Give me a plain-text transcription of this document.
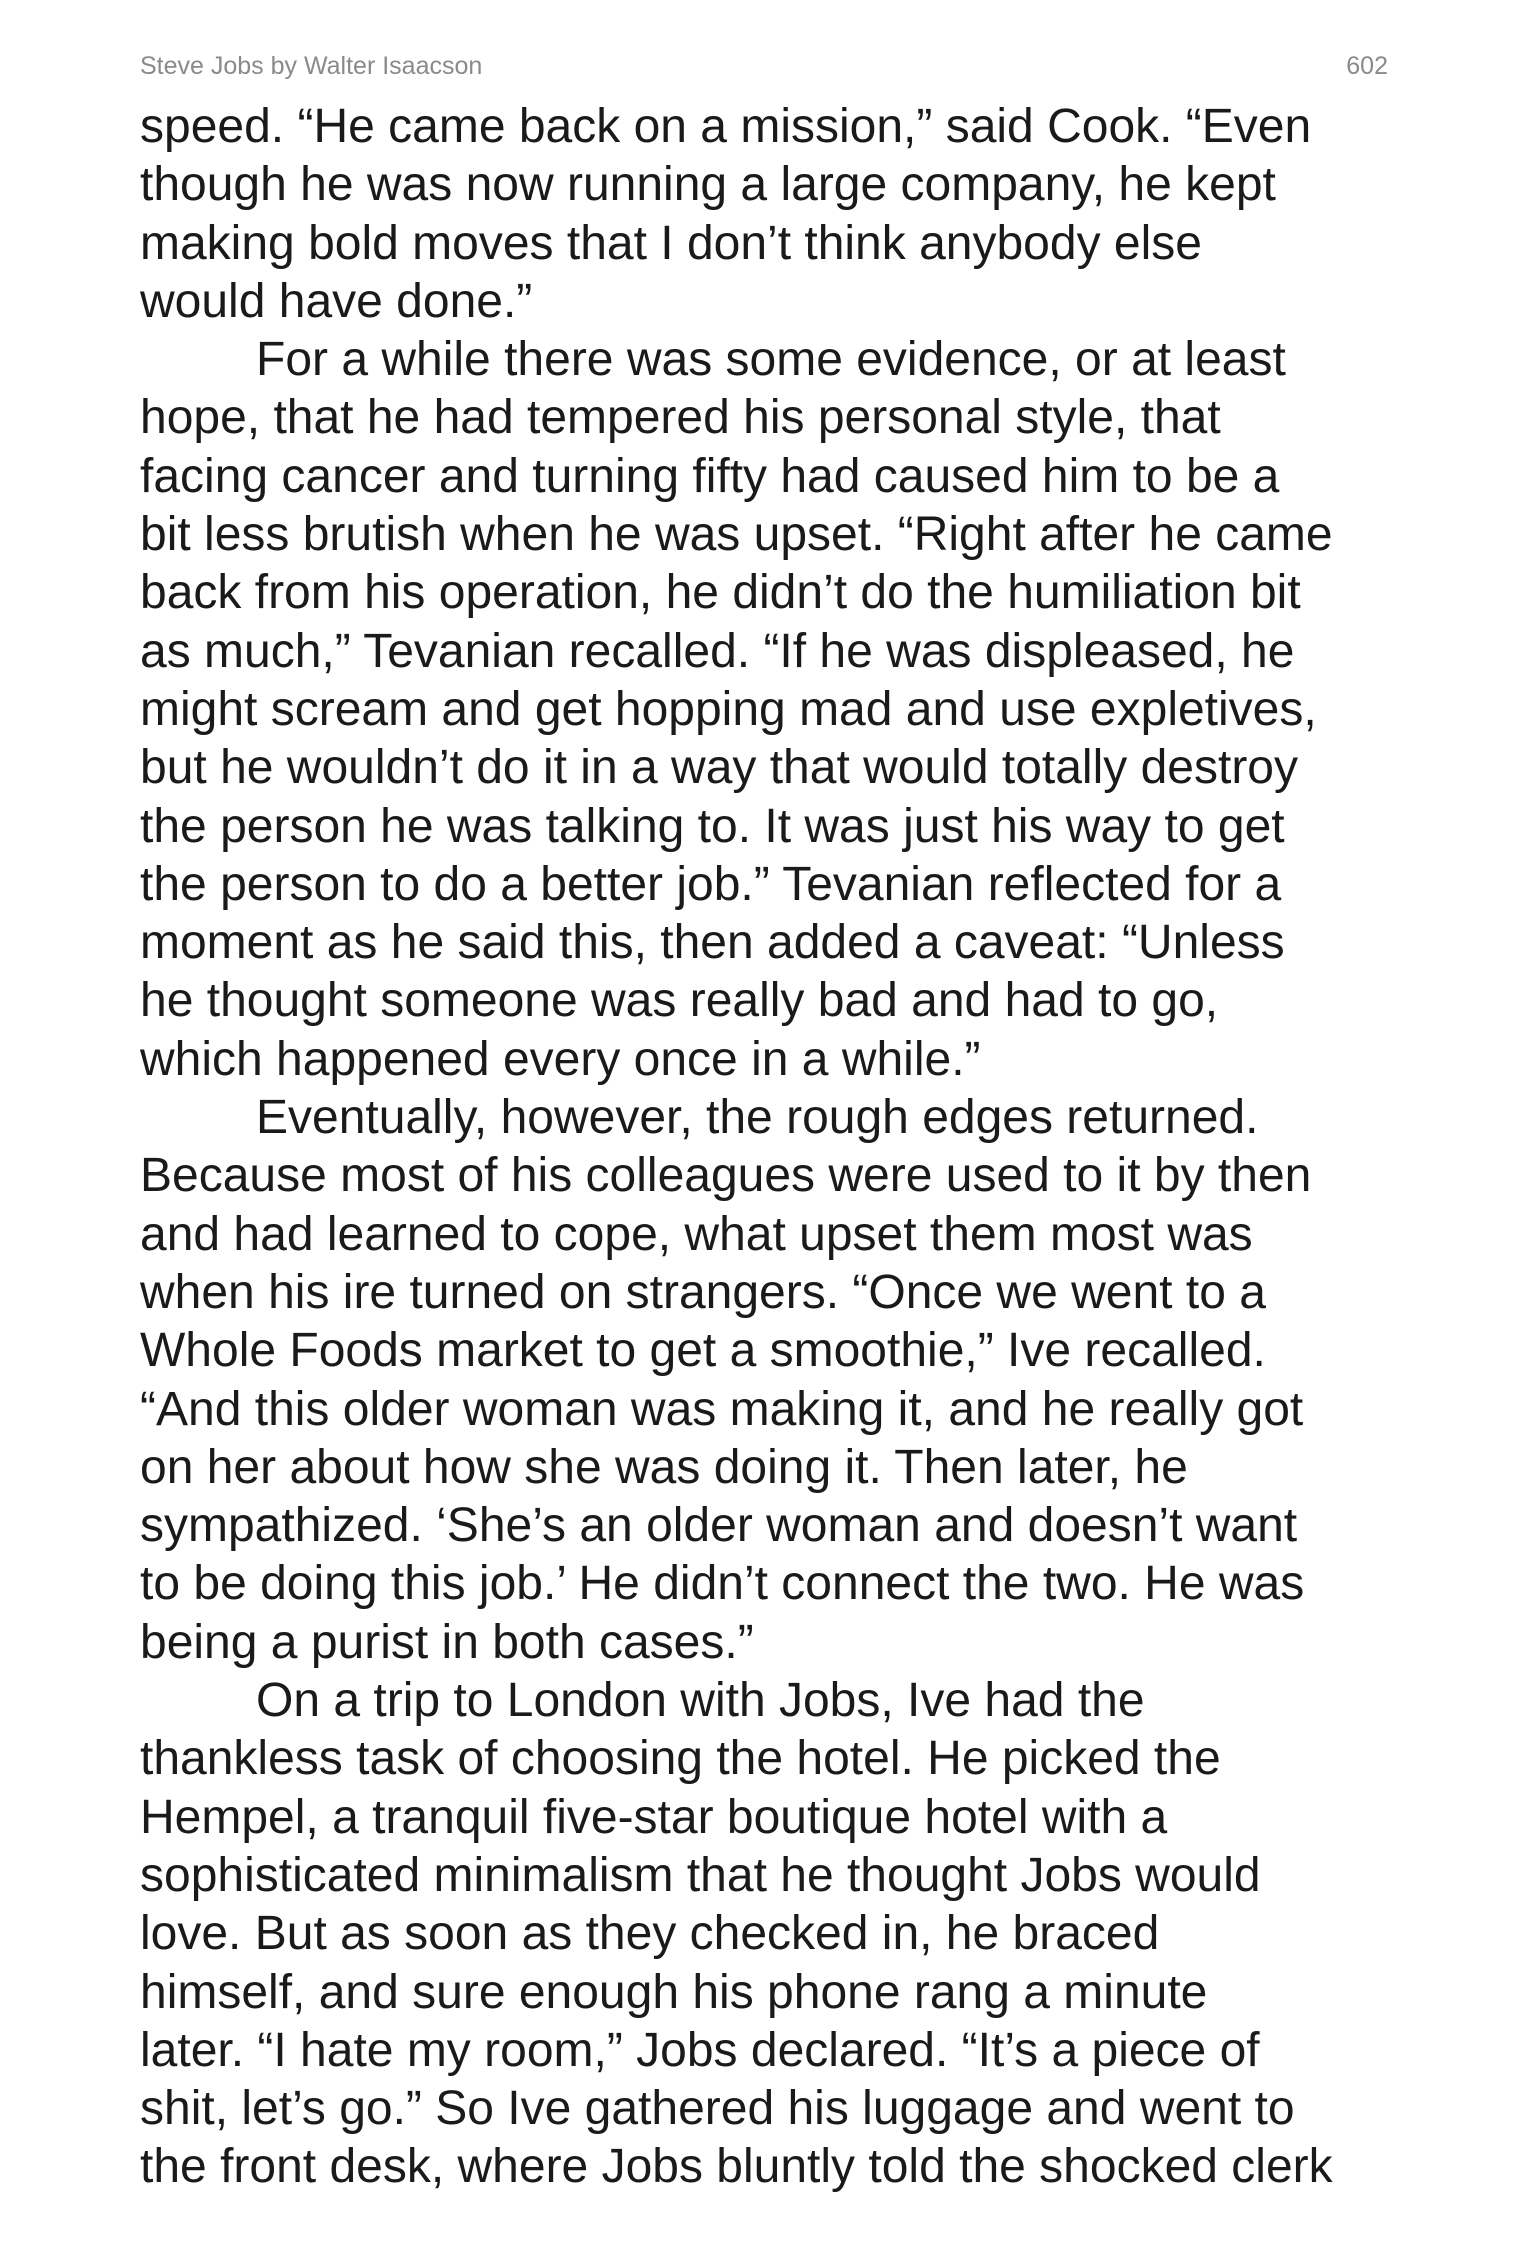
Steve Jobs by Walter Isaacson	602
speed. “He came back on a mission,” said Cook. “Even
though he was now running a large company, he kept
making bold moves that I don’t think anybody else
would have done.”
For a while there was some evidence, or at least
hope, that he had tempered his personal style, that
facing cancer and turning fifty had caused him to be a
bit less brutish when he was upset. “Right after he came
back from his operation, he didn’t do the humiliation bit
as much,” Tevanian recalled. “If he was displeased, he
might scream and get hopping mad and use expletives,
but he wouldn’t do it in a way that would totally destroy
the person he was talking to. It was just his way to get
the person to do a better job.” Tevanian reflected for a
moment as he said this, then added a caveat: “Unless
he thought someone was really bad and had to go,
which happened every once in a while.”
Eventually, however, the rough edges returned.
Because most of his colleagues were used to it by then
and had learned to cope, what upset them most was
when his ire turned on strangers. “Once we went to a
Whole Foods market to get a smoothie,” Ive recalled.
“And this older woman was making it, and he really got
on her about how she was doing it. Then later, he
sympathized. ‘She’s an older woman and doesn’t want
to be doing this job.’ He didn’t connect the two. He was
being a purist in both cases.”
On a trip to London with Jobs, Ive had the
thankless task of choosing the hotel. He picked the
Hempel, a tranquil five-star boutique hotel with a
sophisticated minimalism that he thought Jobs would
love. But as soon as they checked in, he braced
himself, and sure enough his phone rang a minute
later. “I hate my room,” Jobs declared. “It’s a piece of
shit, let’s go.” So Ive gathered his luggage and went to
the front desk, where Jobs bluntly told the shocked clerk
